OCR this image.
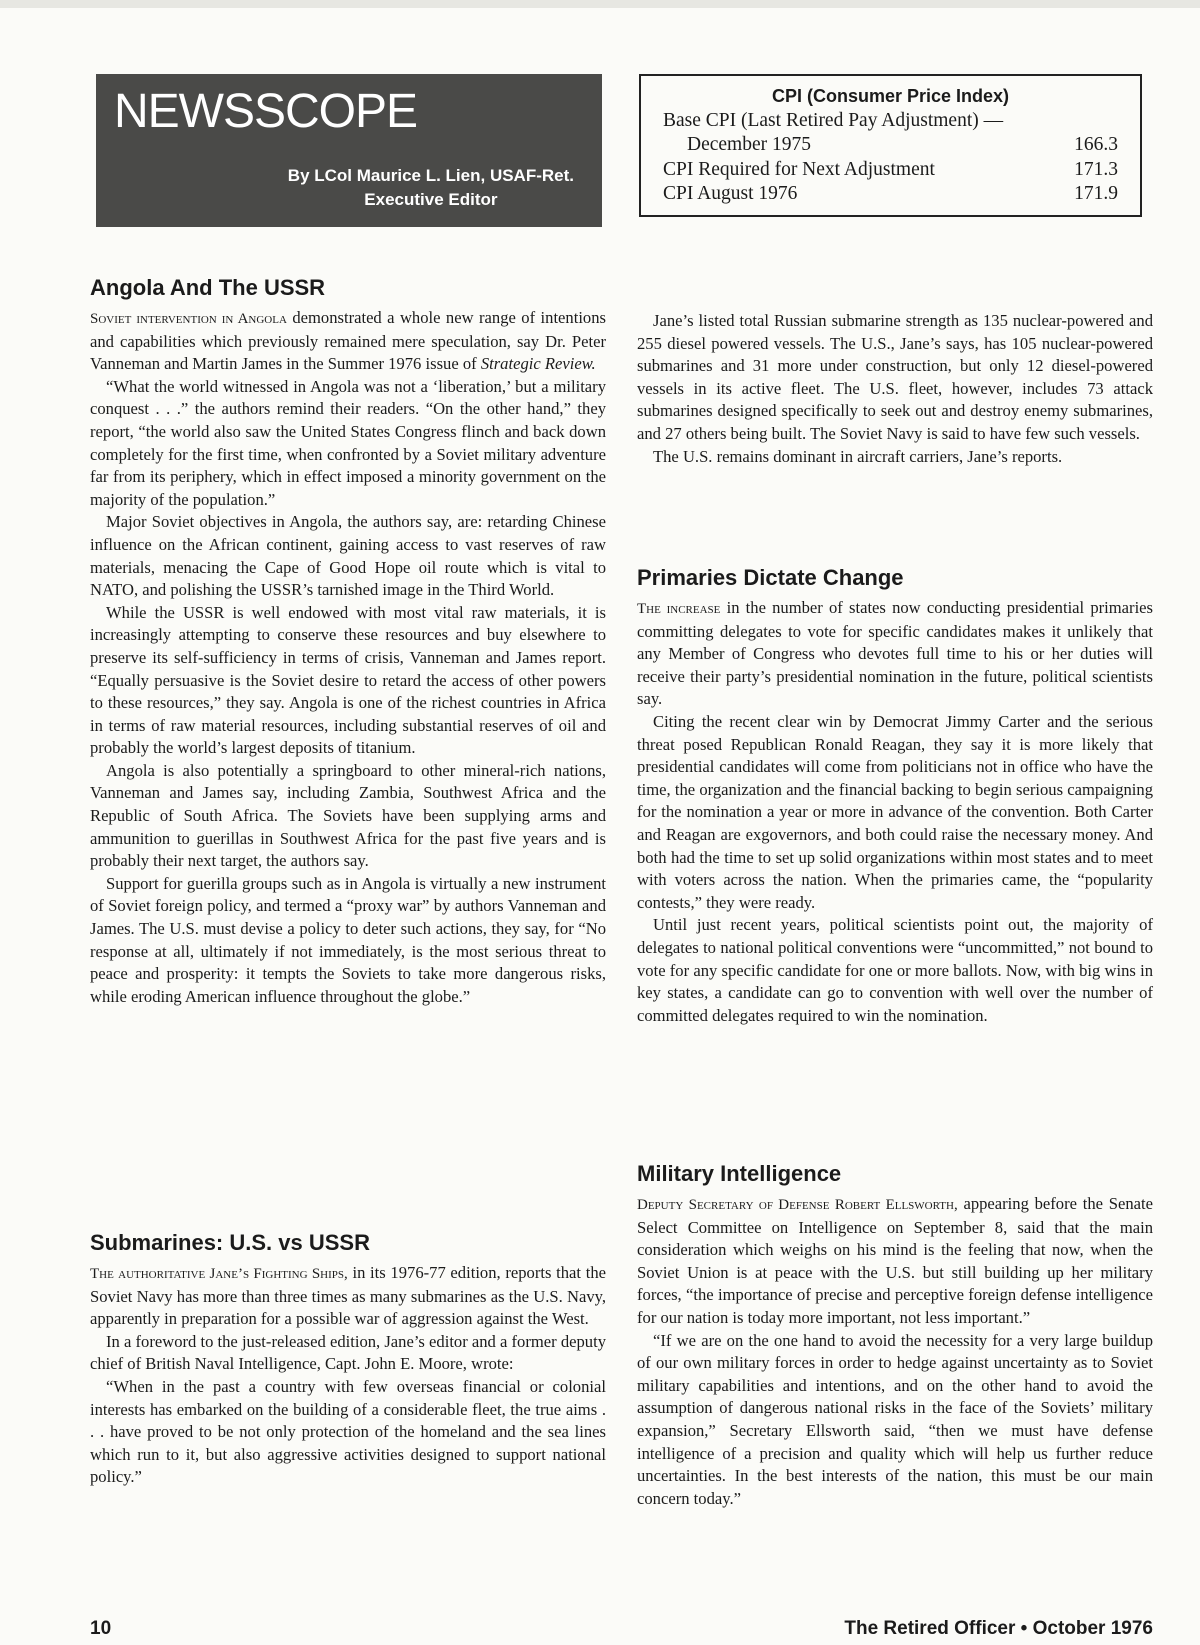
NEWSSCOPE
By LCol Maurice L. Lien, USAF-Ret.
Executive Editor
CPI (Consumer Price Index)
Base CPI (Last Retired Pay Adjustment) —
December 1975	166.3
CPI Required for Next Adjustment	171.3
CPI August 1976	171.9
Angola And The USSR

Soviet intervention in Angola demonstrated a whole new range of intentions and capabilities which previously remained mere speculation, say Dr. Peter Vanneman and Martin James in the Summer 1976 issue of Strategic Review.

“What the world witnessed in Angola was not a ‘liberation,’ but a military conquest . . .” the authors remind their readers. “On the other hand,” they report, “the world also saw the United States Congress flinch and back down completely for the first time, when confronted by a Soviet military adventure far from its periphery, which in effect imposed a minority government on the majority of the population.”

Major Soviet objectives in Angola, the authors say, are: retarding Chinese influence on the African continent, gaining access to vast reserves of raw materials, menacing the Cape of Good Hope oil route which is vital to NATO, and polishing the USSR’s tarnished image in the Third World.

While the USSR is well endowed with most vital raw materials, it is increasingly attempting to conserve these resources and buy elsewhere to preserve its self-sufficiency in terms of crisis, Vanneman and James report. “Equally persuasive is the Soviet desire to retard the access of other powers to these resources,” they say. Angola is one of the richest countries in Africa in terms of raw material resources, including substantial reserves of oil and probably the world’s largest deposits of titanium.

Angola is also potentially a springboard to other mineral-rich nations, Vanneman and James say, including Zambia, Southwest Africa and the Republic of South Africa. The Soviets have been supplying arms and ammunition to guerillas in Southwest Africa for the past five years and is probably their next target, the authors say.

Support for guerilla groups such as in Angola is virtually a new instrument of Soviet foreign policy, and termed a “proxy war” by authors Vanneman and James. The U.S. must devise a policy to deter such actions, they say, for “No response at all, ultimately if not immediately, is the most serious threat to peace and prosperity: it tempts the Soviets to take more dangerous risks, while eroding American influence throughout the globe.”

Submarines: U.S. vs USSR

The authoritative Jane’s Fighting Ships, in its 1976-77 edition, reports that the Soviet Navy has more than three times as many submarines as the U.S. Navy, apparently in preparation for a possible war of aggression against the West.

In a foreword to the just-released edition, Jane’s editor and a former deputy chief of British Naval Intelligence, Capt. John E. Moore, wrote:

“When in the past a country with few overseas financial or colonial interests has embarked on the building of a considerable fleet, the true aims . . . have proved to be not only protection of the homeland and the sea lines which run to it, but also aggressive activities designed to support national policy.”

Jane’s listed total Russian submarine strength as 135 nuclear-powered and 255 diesel powered vessels. The U.S., Jane’s says, has 105 nuclear-powered submarines and 31 more under construction, but only 12 diesel-powered vessels in its active fleet. The U.S. fleet, however, includes 73 attack submarines designed specifically to seek out and destroy enemy submarines, and 27 others being built. The Soviet Navy is said to have few such vessels.

The U.S. remains dominant in aircraft carriers, Jane’s reports.

Primaries Dictate Change

The increase in the number of states now conducting presidential primaries committing delegates to vote for specific candidates makes it unlikely that any Member of Congress who devotes full time to his or her duties will receive their party’s presidential nomination in the future, political scientists say.

Citing the recent clear win by Democrat Jimmy Carter and the serious threat posed Republican Ronald Reagan, they say it is more likely that presidential candidates will come from politicians not in office who have the time, the organization and the financial backing to begin serious campaigning for the nomination a year or more in advance of the convention. Both Carter and Reagan are exgovernors, and both could raise the necessary money. And both had the time to set up solid organizations within most states and to meet with voters across the nation. When the primaries came, the “popularity contests,” they were ready.

Until just recent years, political scientists point out, the majority of delegates to national political conventions were “uncommitted,” not bound to vote for any specific candidate for one or more ballots. Now, with big wins in key states, a candidate can go to convention with well over the number of committed delegates required to win the nomination.

Military Intelligence

Deputy Secretary of Defense Robert Ellsworth, appearing before the Senate Select Committee on Intelligence on September 8, said that the main consideration which weighs on his mind is the feeling that now, when the Soviet Union is at peace with the U.S. but still building up her military forces, “the importance of precise and perceptive foreign defense intelligence for our nation is today more important, not less important.”

“If we are on the one hand to avoid the necessity for a very large buildup of our own military forces in order to hedge against uncertainty as to Soviet military capabilities and intentions, and on the other hand to avoid the assumption of dangerous national risks in the face of the Soviets’ military expansion,” Secretary Ellsworth said, “then we must have defense intelligence of a precision and quality which will help us further reduce uncertainties. In the best interests of the nation, this must be our main concern today.”

10	The Retired Officer • October 1976
